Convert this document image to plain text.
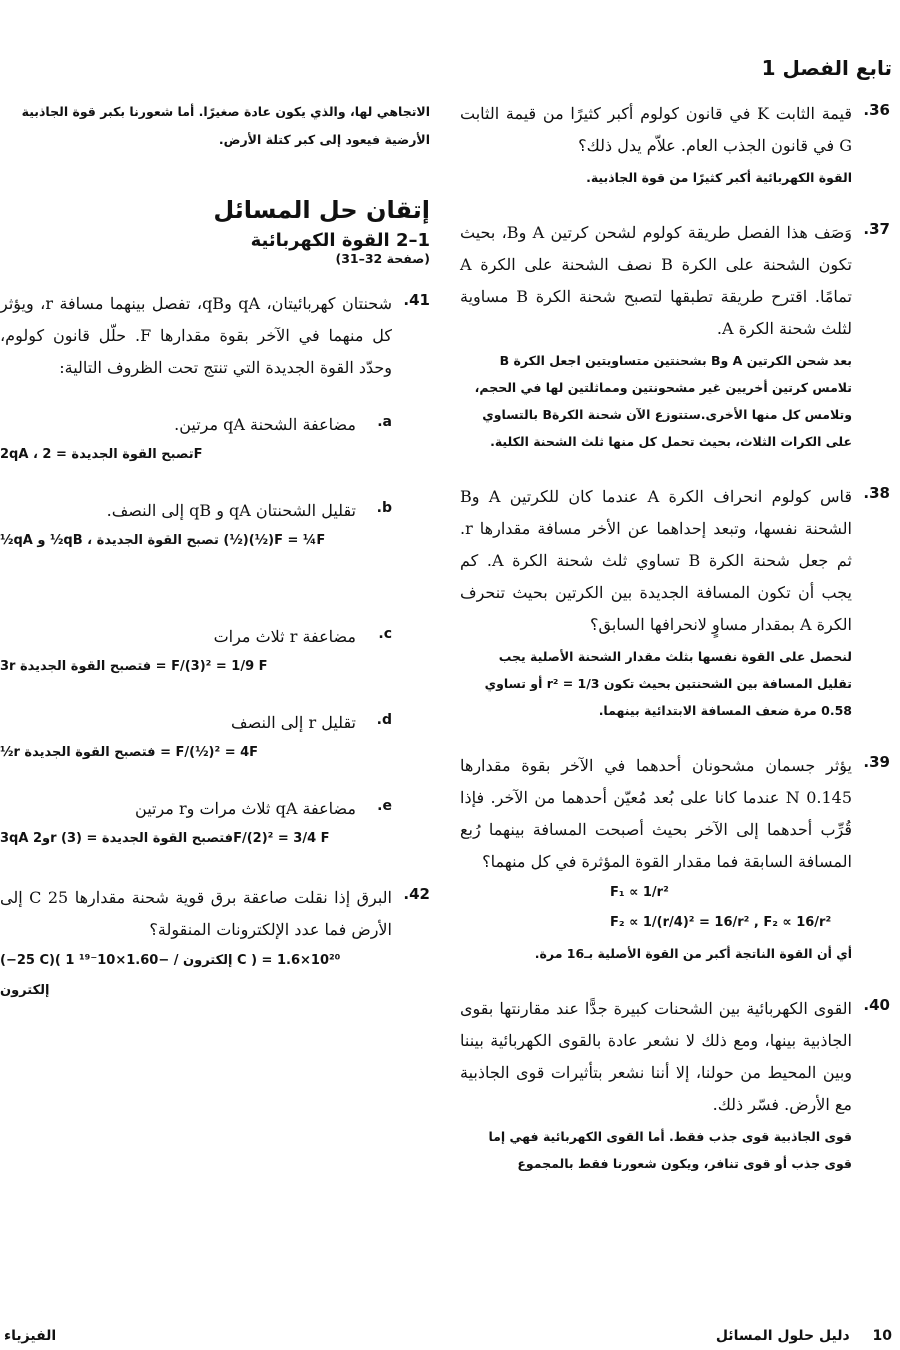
تابع الفصل 1
36.
قيمة الثابت K في قانون كولوم أكبر كثيرًا من قيمة الثابت G في قانون الجذب العام. علاّم يدل ذلك؟
القوة الكهربائية أكبر كثيرًا من قوة الجاذبية.
37.
وَصَف هذا الفصل طريقة كولوم لشحن كرتين A وB، بحيث تكون الشحنة على الكرة B نصف الشحنة على الكرة A تمامًا. اقترح طريقة تطبقها لتصبح شحنة الكرة B مساوية لثلث شحنة الكرة A.
بعد شحن الكرتين A وB بشحنتين متساويتين اجعل الكرة B تلامس كرتين أخريين غير مشحونتين ومماثلتين لها في الحجم، وتلامس كل منها الأخرى.ستتوزع الآن شحنة الكرةB بالتساوي على الكرات الثلاث، بحيث تحمل كل منها ثلث الشحنة الكلية.
38.
قاس كولوم انحراف الكرة A عندما كان للكرتين A وB الشحنة نفسها، وتبعد إحداهما عن الأخر مسافة مقدارها r. ثم جعل شحنة الكرة B تساوي ثلث شحنة الكرة A. كم يجب أن تكون المسافة الجديدة بين الكرتين بحيث تنحرف الكرة A بمقدار مساوٍ لانحرافها السابق؟
لنحصل على القوة نفسها بثلث مقدار الشحنة الأصلية يجب تقليل المسافة بين الشحنتين بحيث تكون r² = 1/3 أو تساوي 0.58 مرة ضعف المسافة الابتدائية بينهما.
39.
يؤثر جسمان مشحونان أحدهما في الآخر بقوة مقدارها 0.145 N عندما كانا على بُعد مُعيّن أحدهما من الآخر. فإذا قُرِّب أحدهما إلى الآخر بحيث أصبحت المسافة بينهما رُبع المسافة السابقة فما مقدار القوة المؤثرة في كل منهما؟
F₁ ∝ 1/r²
F₂ ∝ 1/(r/4)² = 16/r² , F₂ ∝ 16/r²
أي أن القوة الناتجة أكبر من القوة الأصلية بـ16 مرة.
40.
القوى الكهربائية بين الشحنات كبيرة جدًّا عند مقارنتها بقوى الجاذبية بينها، ومع ذلك لا نشعر عادة بالقوى الكهربائية بيننا وبين المحيط من حولنا، إلا أننا نشعر بتأثيرات قوى الجاذبية مع الأرض. فسّر ذلك.
قوى الجاذبية قوى جذب فقط. أما القوى الكهربائية فهي إما قوى جذب أو قوى تنافر، ويكون شعورنا فقط بالمجموع
الاتجاهي لها، والذي يكون عادة صغيرًا. أما شعورنا بكبر قوة الجاذبية الأرضية فيعود إلى كبر كتلة الأرض.
إتقان حل المسائل
1–2 القوة الكهربائية
(صفحة 32–31)
41.
شحنتان كهربائيتان، qA وqB، تفصل بينهما مسافة r، ويؤثر كل منهما في الآخر بقوة مقدارها F. حلّل قانون كولوم، وحدّد القوة الجديدة التي تنتج تحت الظروف التالية:
a.
مضاعفة الشحنة qA مرتين.
2qA ، تصبح القوة الجديدة = 2F
b.
تقليل الشحنتان qA و qB إلى النصف.
½qA و ½qB ، تصبح القوة الجديدة (½)(½)F = ¼F
c.
مضاعفة r ثلاث مرات
3r فتصبح القوة الجديدة = F/(3)² = 1/9 F
d.
تقليل r إلى النصف
½r فتصبح القوة الجديدة = F/(½)² = 4F
e.
مضاعفة qA ثلاث مرات وr مرتين
3qA و2r فتصبح القوة الجديدة = (3)F/(2)² = 3/4 F
42.
البرق إذا نقلت صاعقة برق قوية شحنة مقدارها 25 C إلى الأرض فما عدد الإلكترونات المنقولة؟
(−25 C)( 1 إلكترون / −1.60×10⁻¹⁹ C ) = 1.6×10²⁰ إلكترون
10 دليل حلول المسائل
الفيزياء
